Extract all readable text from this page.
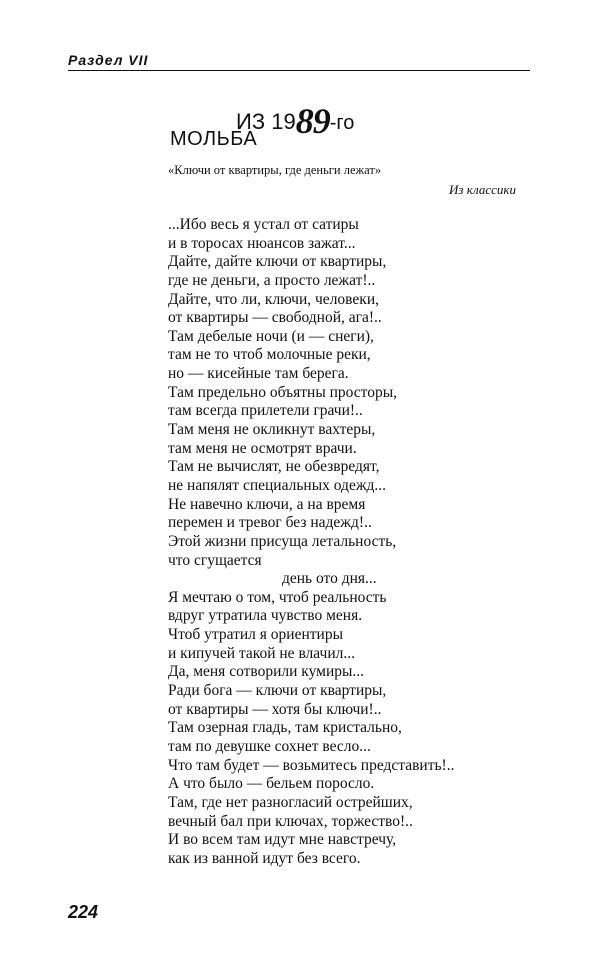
Раздел VII
ИЗ 1989-го
МОЛЬБА
«Ключи от квартиры, где деньги лежат»
Из классики
...Ибо весь я устал от сатиры
и в торосах нюансов зажат...
Дайте, дайте ключи от квартиры,
где не деньги, а просто лежат!..
Дайте, что ли, ключи, человеки,
от квартиры — свободной, ага!..
Там дебелые ночи (и — снеги),
там не то чтоб молочные реки,
но — кисейные там берега.
Там предельно объятны просторы,
там всегда прилетели грачи!..
Там меня не окликнут вахтеры,
там меня не осмотрят врачи.
Там не вычислят, не обезвредят,
не напялят специальных одежд...
Не навечно ключи, а на время
перемен и тревог без надежд!..
Этой жизни присуща летальность,
что сгущается
день ото дня...
Я мечтаю о том, чтоб реальность
вдруг утратила чувство меня.
Чтоб утратил я ориентиры
и кипучей такой не влачил...
Да, меня сотворили кумиры...
Ради бога — ключи от квартиры,
от квартиры — хотя бы ключи!..
Там озерная гладь, там кристально,
там по девушке сохнет весло...
Что там будет — возьмитесь представить!..
А что было — бельем поросло.
Там, где нет разногласий острейших,
вечный бал при ключах, торжество!..
И во всем там идут мне навстречу,
как из ванной идут без всего.
224
